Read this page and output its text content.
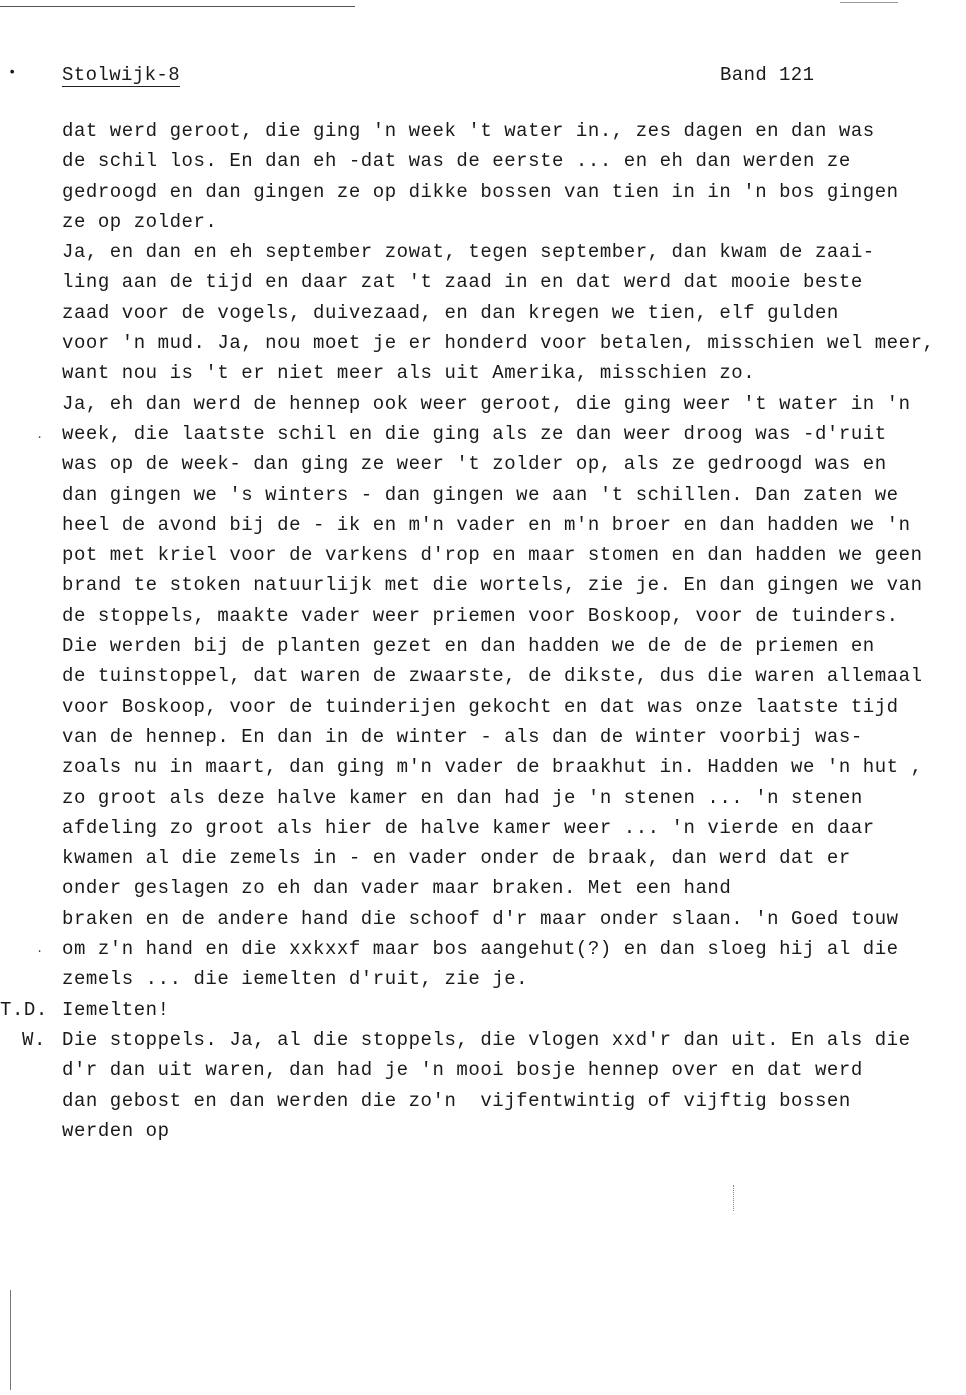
• Stolwijk-8	Band 121
dat werd geroot, die ging 'n week 't water in., zes dagen en dan was
de schil los. En dan eh -dat was de eerste ... en eh dan werden ze
gedroogd en dan gingen ze op dikke bossen van tien in in 'n bos gingen
ze op zolder.
Ja, en dan en eh september zowat, tegen september, dan kwam de zaai-
ling aan de tijd en daar zat 't zaad in en dat werd dat mooie beste
zaad voor de vogels, duivezaad, en dan kregen we tien, elf gulden
voor 'n mud. Ja, nou moet je er honderd voor betalen, misschien wel meer,
want nou is 't er niet meer als uit Amerika, misschien zo.
Ja, eh dan werd de hennep ook weer geroot, die ging weer 't water in 'n
week, die laatste schil en die ging als ze dan weer droog was -d'ruit
was op de week- dan ging ze weer 't zolder op, als ze gedroogd was en
dan gingen we 's winters - dan gingen we aan 't schillen. Dan zaten we
heel de avond bij de - ik en m'n vader en m'n broer en dan hadden we 'n
pot met kriel voor de varkens d'rop en maar stomen en dan hadden we geen
brand te stoken natuurlijk met die wortels, zie je. En dan gingen we van
de stoppels, maakte vader weer priemen voor Boskoop, voor de tuinders.
Die werden bij de planten gezet en dan hadden we de de de priemen en
de tuinstoppel, dat waren de zwaarste, de dikste, dus die waren allemaal
voor Boskoop, voor de tuinderijen gekocht en dat was onze laatste tijd
van de hennep. En dan in de winter - als dan de winter voorbij was-
zoals nu in maart, dan ging m'n vader de braakhut in. Hadden we 'n hut ,
zo groot als deze halve kamer en dan had je 'n stenen ... 'n stenen
afdeling zo groot als hier de halve kamer weer ... 'n vierde en daar
kwamen al die zemels in - en vader onder de braak, dan werd dat er
onder geslagen zo eh dan vader maar braken. Met een hand
braken en de andere hand die schoof d'r maar onder slaan. 'n Goed touw
om z'n hand en die xxkxxf maar bos aangehut(?) en dan sloeg hij al die
zemels ... die iemelten d'ruit, zie je.
Iemelten!
Die stoppels. Ja, al die stoppels, die vlogen xxd'r dan uit. En als die
d'r dan uit waren, dan had je 'n mooi bosje hennep over en dat werd
dan gebost en dan werden die zo'n  vijfentwintig of vijftig bossen
werden op
T.D.
W.
.
.
